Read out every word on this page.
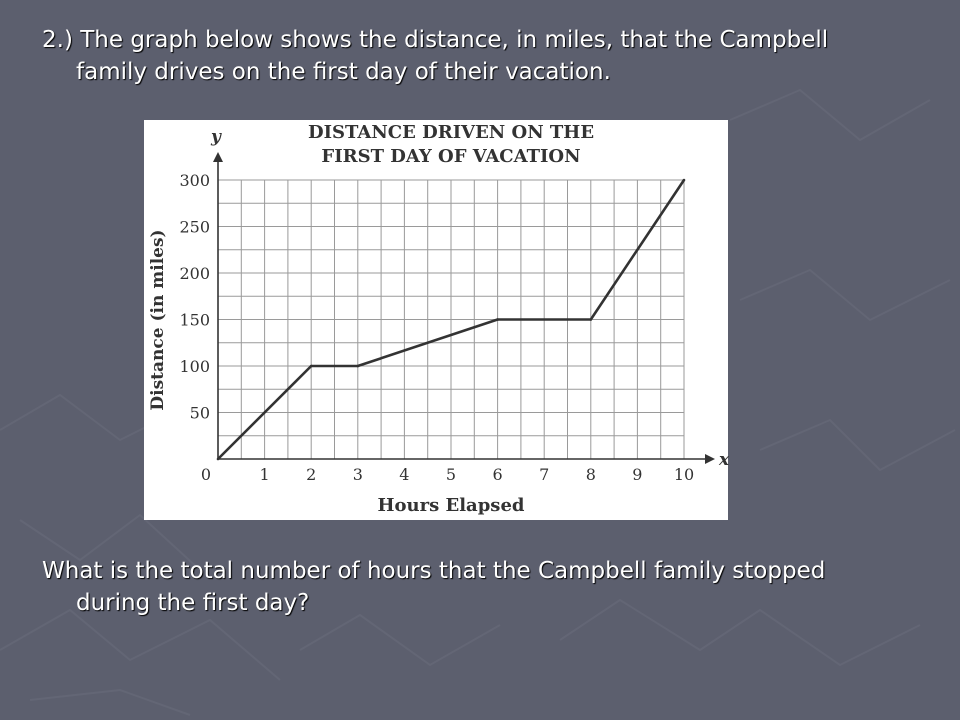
2.) The graph below shows the distance, in miles, that the Campbell
family drives on the first day of their vacation.
0	1 2 3 4 5 6 7 8 9 10
50
100
150
200
250
300
x
y	DISTANCE DRIVEN ON THE
FIRST DAY OF VACATION
Hours Elapsed
Distance (in miles)
What is the total number of hours that the Campbell family stopped
during the first day?
